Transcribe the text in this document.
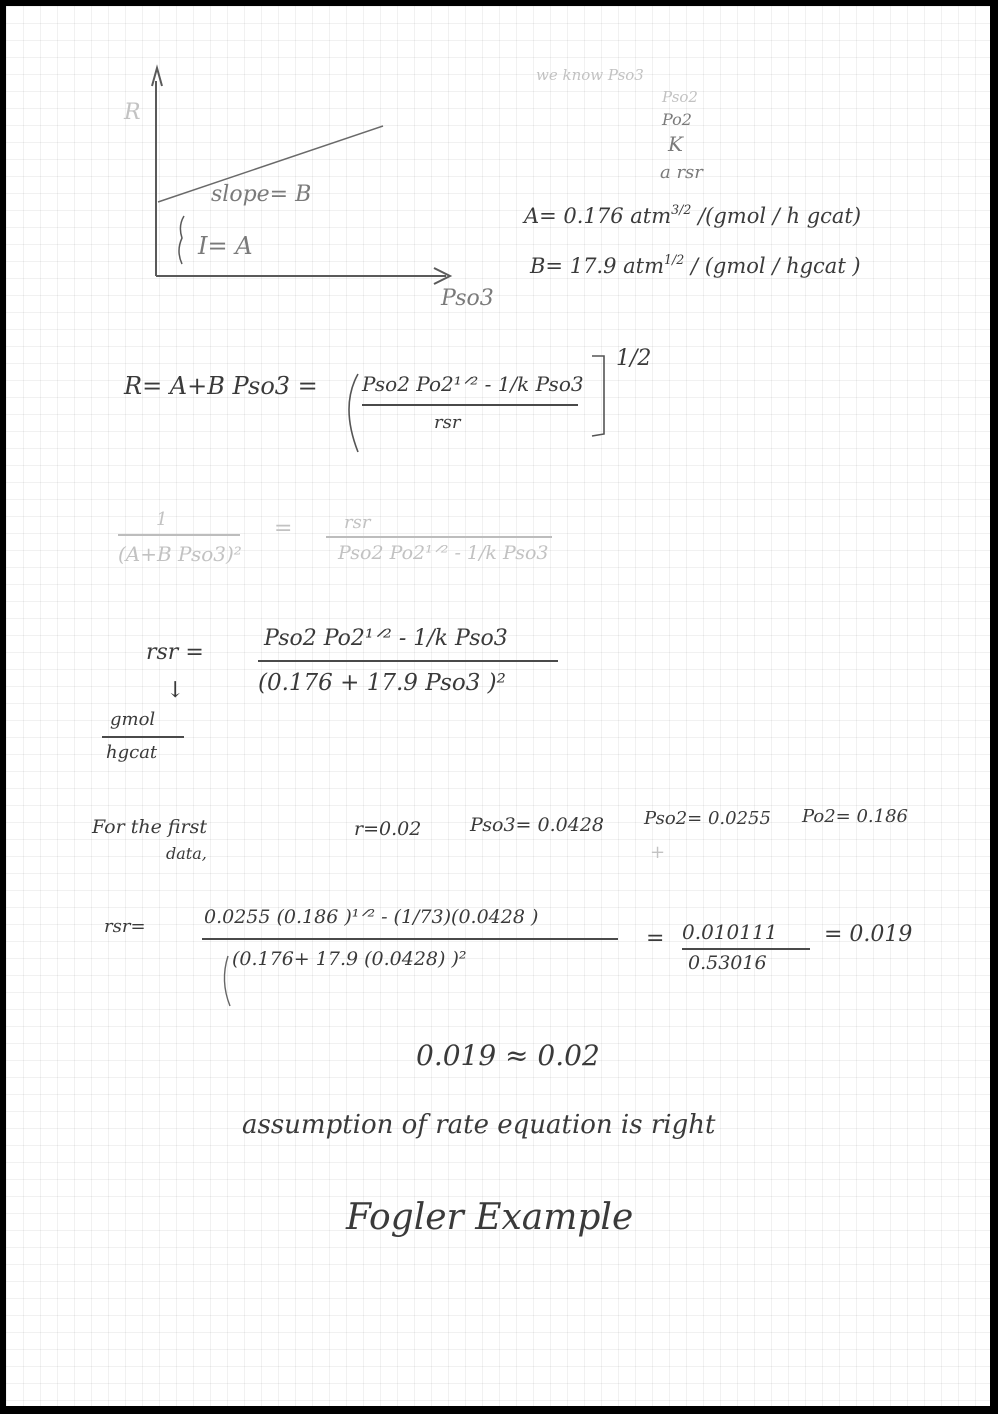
R
Pso3
slope= B
I= A
we know Pso3
Pso2
Po2
K
a rsr
A= 0.176 atm$^{3/2}$ /(gmol / h gcat)
B= 17.9 atm$^{1/2}$ / (gmol / hgcat )
R= A+B Pso3 = Pso2 Po2¹ᐟ² - 1/k Pso3
rsr
1/2
1
(A+B Pso3)²
=	rsr
Pso2 Po2¹ᐟ² - 1/k Pso3
rsr =
Pso2 Po2¹ᐟ² - 1/k Pso3
(0.176 + 17.9 Pso3 )²
↓
gmol
hgcat
For the first
data,
r=0.02	Pso3= 0.0428 Pso2= 0.0255 Po2= 0.186
+
rsr=	0.0255 (0.186 )¹ᐟ² - (1/73)(0.0428 )
(0.176+ 17.9 (0.0428) )²
= 0.010111
0.53016
= 0.019
0.019 ≈ 0.02
assumption of rate equation is right
Fogler Example
